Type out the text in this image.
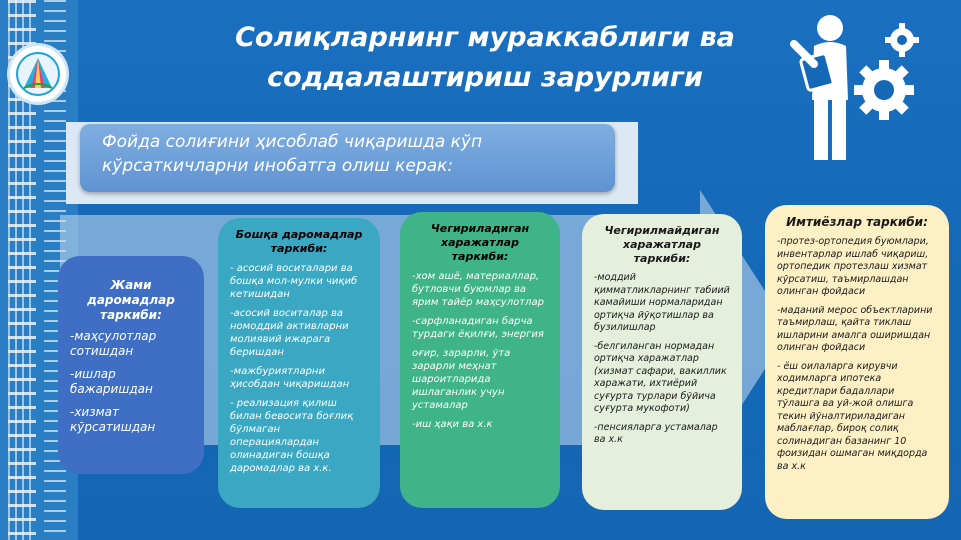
Солиқларнинг мураккаблиги ва
соддалаштириш зарурлиги
Фойда солиғини ҳисоблаб чиқаришда кўп
кўрсаткичларни инобатга олиш керак:
Жами даромадлар таркиби:

-маҳсулотлар сотишдан

-ишлар бажаришдан

-хизмат кўрсатишдан

Бошқа даромадлар таркиби:

- асосий воситалари ва бошқа мол-мулки чиқиб кетишидан

-асосий воситалар ва номоддий активларни молиявий ижарага беришдан

-мажбуриятларни ҳисобдан чиқаришдан

- реализация қилиш билан бевосита боғлиқ бўлмаган операциялардан олинадиган бошқа даромадлар ва х.к.

Чегириладиган харажатлар таркиби:

-хом ашё, материаллар, бутловчи буюмлар ва ярим тайёр маҳсулотлар

-сарфланадиган барча турдаги ёқилғи, энергия

оғир, зарарли, ўта зарарли меҳнат шароитларида ишлаганлик учун устамалар

-иш ҳақи ва х.к

Чегирилмайдиган харажатлар таркиби:

-моддий қимматликларнинг табиий камайиши нормаларидан ортиқча йўқотишлар ва бузилишлар

-белгиланган нормадан ортиқча харажатлар (хизмат сафари, вакиллик харажати, ихтиёрий суғурта турлари бўйича суғурта мукофоти)

-пенсияларга устамалар ва х.к

Имтиёзлар таркиби:

-протез-ортопедия буюмлари, инвентарлар ишлаб чиқариш, ортопедик протезлаш хизмат кўрсатиш, таъмирлашдан олинган фойдаси

-маданий мерос объектларини таъмирлаш, қайта тиклаш ишларини амалга оширишдан олинган фойдаси

- ёш оилаларга кирувчи ходимларга ипотека кредитлари бадаллари тўлашга ва уй-жой олишга текин йўналтириладиган маблағлар, бироқ солиқ солинадиган базанинг 10 фоизидан ошмаган миқдорда ва х.к
